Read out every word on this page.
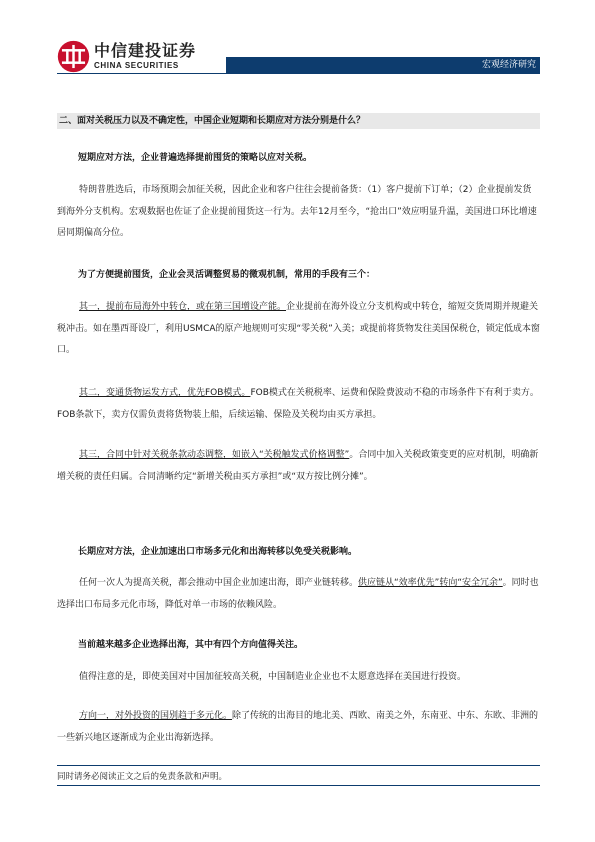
中信建投证券
CHINA SECURITIES	宏观经济研究
二、面对关税压力以及不确定性，中国企业短期和长期应对方法分别是什么？
短期应对方法，企业普遍选择提前囤货的策略以应对关税。

特朗普胜选后，市场预期会加征关税，因此企业和客户往往会提前备货：（1）客户提前下订单；（2）企业提前发货到海外分支机构。宏观数据也佐证了企业提前囤货这一行为。去年12月至今，“抢出口”效应明显升温，美国进口环比增速居同期偏高分位。

为了方便提前囤货，企业会灵活调整贸易的微观机制，常用的手段有三个：

其一，提前布局海外中转仓，或在第三国增设产能。企业提前在海外设立分支机构或中转仓，缩短交货周期并规避关税冲击。如在墨西哥设厂，利用USMCA的原产地规则可实现“零关税”入美；或提前将货物发往美国保税仓，锁定低成本窗口。

其二，变通货物运发方式，优先FOB模式。FOB模式在关税税率、运费和保险费波动不稳的市场条件下有利于卖方。FOB条款下，卖方仅需负责将货物装上船，后续运输、保险及关税均由买方承担。

其三，合同中针对关税条款动态调整，如嵌入“关税触发式价格调整”。合同中加入关税政策变更的应对机制，明确新增关税的责任归属。合同清晰约定“新增关税由买方承担”或“双方按比例分摊”。

长期应对方法，企业加速出口市场多元化和出海转移以免受关税影响。

任何一次人为提高关税，都会推动中国企业加速出海，即产业链转移。供应链从“效率优先”转向“安全冗余”。同时也选择出口布局多元化市场，降低对单一市场的依赖风险。

当前越来越多企业选择出海，其中有四个方向值得关注。

值得注意的是，即使美国对中国加征较高关税，中国制造业企业也不太愿意选择在美国进行投资。

方向一，对外投资的国别趋于多元化。除了传统的出海目的地北美、西欧、南美之外，东南亚、中东、东欧、非洲的一些新兴地区逐渐成为企业出海新选择。

同时请务必阅读正文之后的免责条款和声明。
